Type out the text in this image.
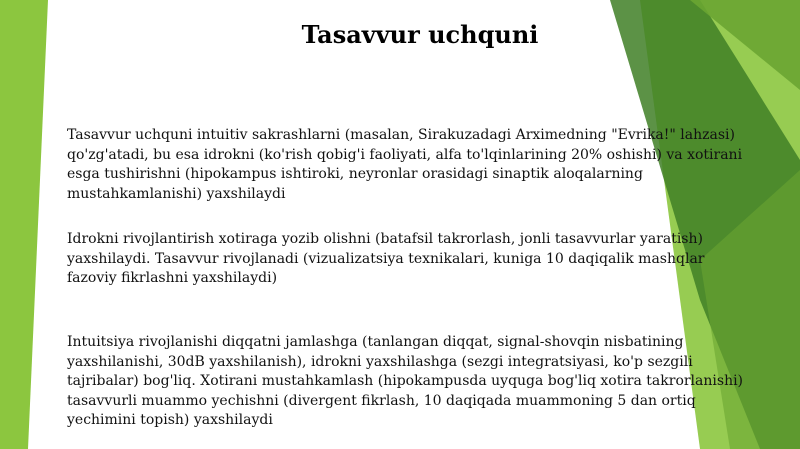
Tasavvur uchquni

Tasavvur uchquni intuitiv sakrashlarni (masalan, Sirakuzadagi Arximedning "Evrika!" lahzasi) qo'zg'atadi, bu esa idrokni (ko'rish qobig'i faoliyati, alfa to'lqinlarining 20% oshishi) va xotirani esga tushirishni (hipokampus ishtiroki, neyronlar orasidagi sinaptik aloqalarning mustahkamlanishi) yaxshilaydi

Idrokni rivojlantirish xotiraga yozib olishni (batafsil takrorlash, jonli tasavvurlar yaratish) yaxshilaydi. Tasavvur rivojlanadi (vizualizatsiya texnikalari, kuniga 10 daqiqalik mashqlar fazoviy fikrlashni yaxshilaydi)

Intuitsiya rivojlanishi diqqatni jamlashga (tanlangan diqqat, signal-shovqin nisbatining yaxshilanishi, 30dB yaxshilanish), idrokni yaxshilashga (sezgi integratsiyasi, ko'p sezgili tajribalar) bog'liq. Xotirani mustahkamlash (hipokampusda uyquga bog'liq xotira takrorlanishi) tasavvurli muammo yechishni (divergent fikrlash, 10 daqiqada muammoning 5 dan ortiq yechimini topish) yaxshilaydi
